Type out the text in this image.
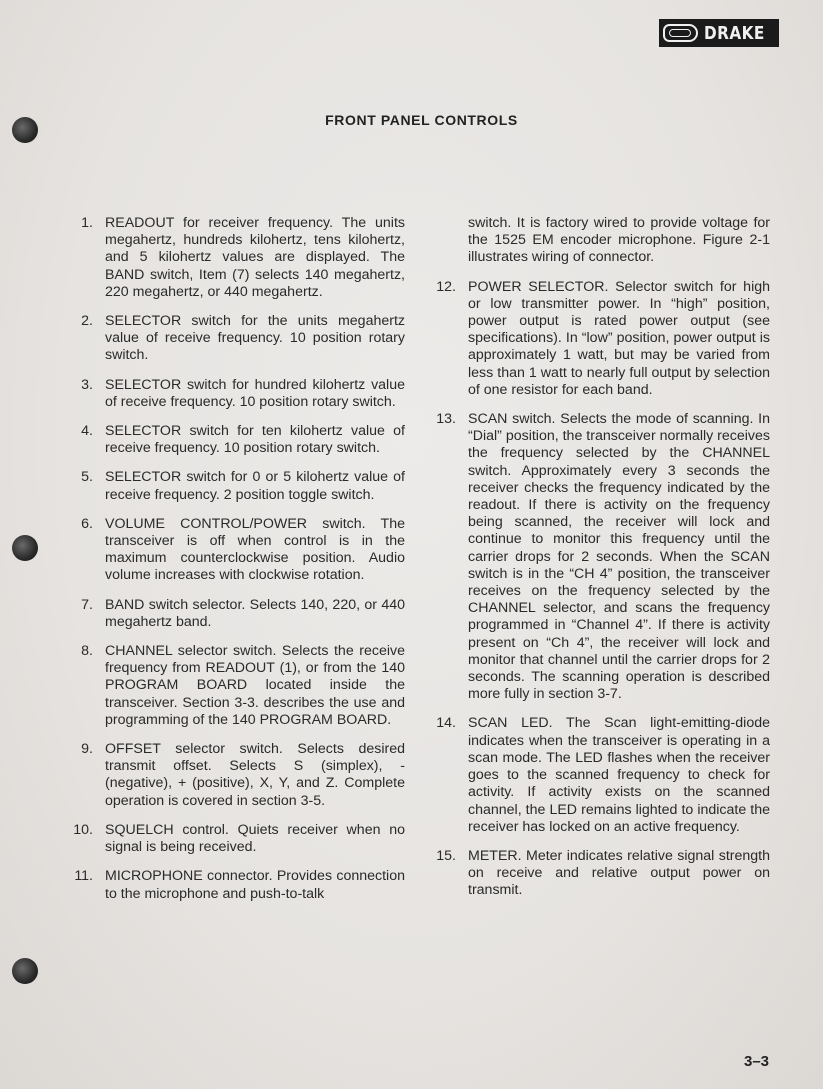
DRAKE
FRONT PANEL CONTROLS
1. READOUT for receiver frequency. The units megahertz, hundreds kilohertz, tens kilohertz, and 5 kilohertz values are displayed. The BAND switch, Item (7) selects 140 megahertz, 220 megahertz, or 440 megahertz.
2. SELECTOR switch for the units megahertz value of receive frequency. 10 position rotary switch.
3. SELECTOR switch for hundred kilohertz value of receive frequency. 10 position rotary switch.
4. SELECTOR switch for ten kilohertz value of receive frequency. 10 position rotary switch.
5. SELECTOR switch for 0 or 5 kilohertz value of receive frequency. 2 position toggle switch.
6. VOLUME CONTROL/POWER switch. The transceiver is off when control is in the maximum counterclockwise position. Audio volume increases with clockwise rotation.
7. BAND switch selector. Selects 140, 220, or 440 megahertz band.
8. CHANNEL selector switch. Selects the receive frequency from READOUT (1), or from the 140 PROGRAM BOARD located inside the transceiver. Section 3-3. describes the use and programming of the 140 PROGRAM BOARD.
9. OFFSET selector switch. Selects desired transmit offset. Selects S (simplex), - (negative), + (positive), X, Y, and Z. Complete operation is covered in section 3-5.
10. SQUELCH control. Quiets receiver when no signal is being received.
11. MICROPHONE connector. Provides connection to the microphone and push-to-talk
switch. It is factory wired to provide voltage for the 1525 EM encoder microphone. Figure 2-1 illustrates wiring of connector.
12. POWER SELECTOR. Selector switch for high or low transmitter power. In “high” position, power output is rated power output (see specifications). In “low” position, power output is approximately 1 watt, but may be varied from less than 1 watt to nearly full output by selection of one resistor for each band.
13. SCAN switch. Selects the mode of scanning. In “Dial” position, the transceiver normally receives the frequency selected by the CHANNEL switch. Approximately every 3 seconds the receiver checks the frequency indicated by the readout. If there is activity on the frequency being scanned, the receiver will lock and continue to monitor this frequency until the carrier drops for 2 seconds. When the SCAN switch is in the “CH 4” position, the transceiver receives on the frequency selected by the CHANNEL selector, and scans the frequency programmed in “Channel 4”. If there is activity present on “Ch 4”, the receiver will lock and monitor that channel until the carrier drops for 2 seconds. The scanning operation is described more fully in section 3-7.
14. SCAN LED. The Scan light-emitting-diode indicates when the transceiver is operating in a scan mode. The LED flashes when the receiver goes to the scanned frequency to check for activity. If activity exists on the scanned channel, the LED remains lighted to indicate the receiver has locked on an active frequency.
15. METER. Meter indicates relative signal strength on receive and relative output power on transmit.
3–3
